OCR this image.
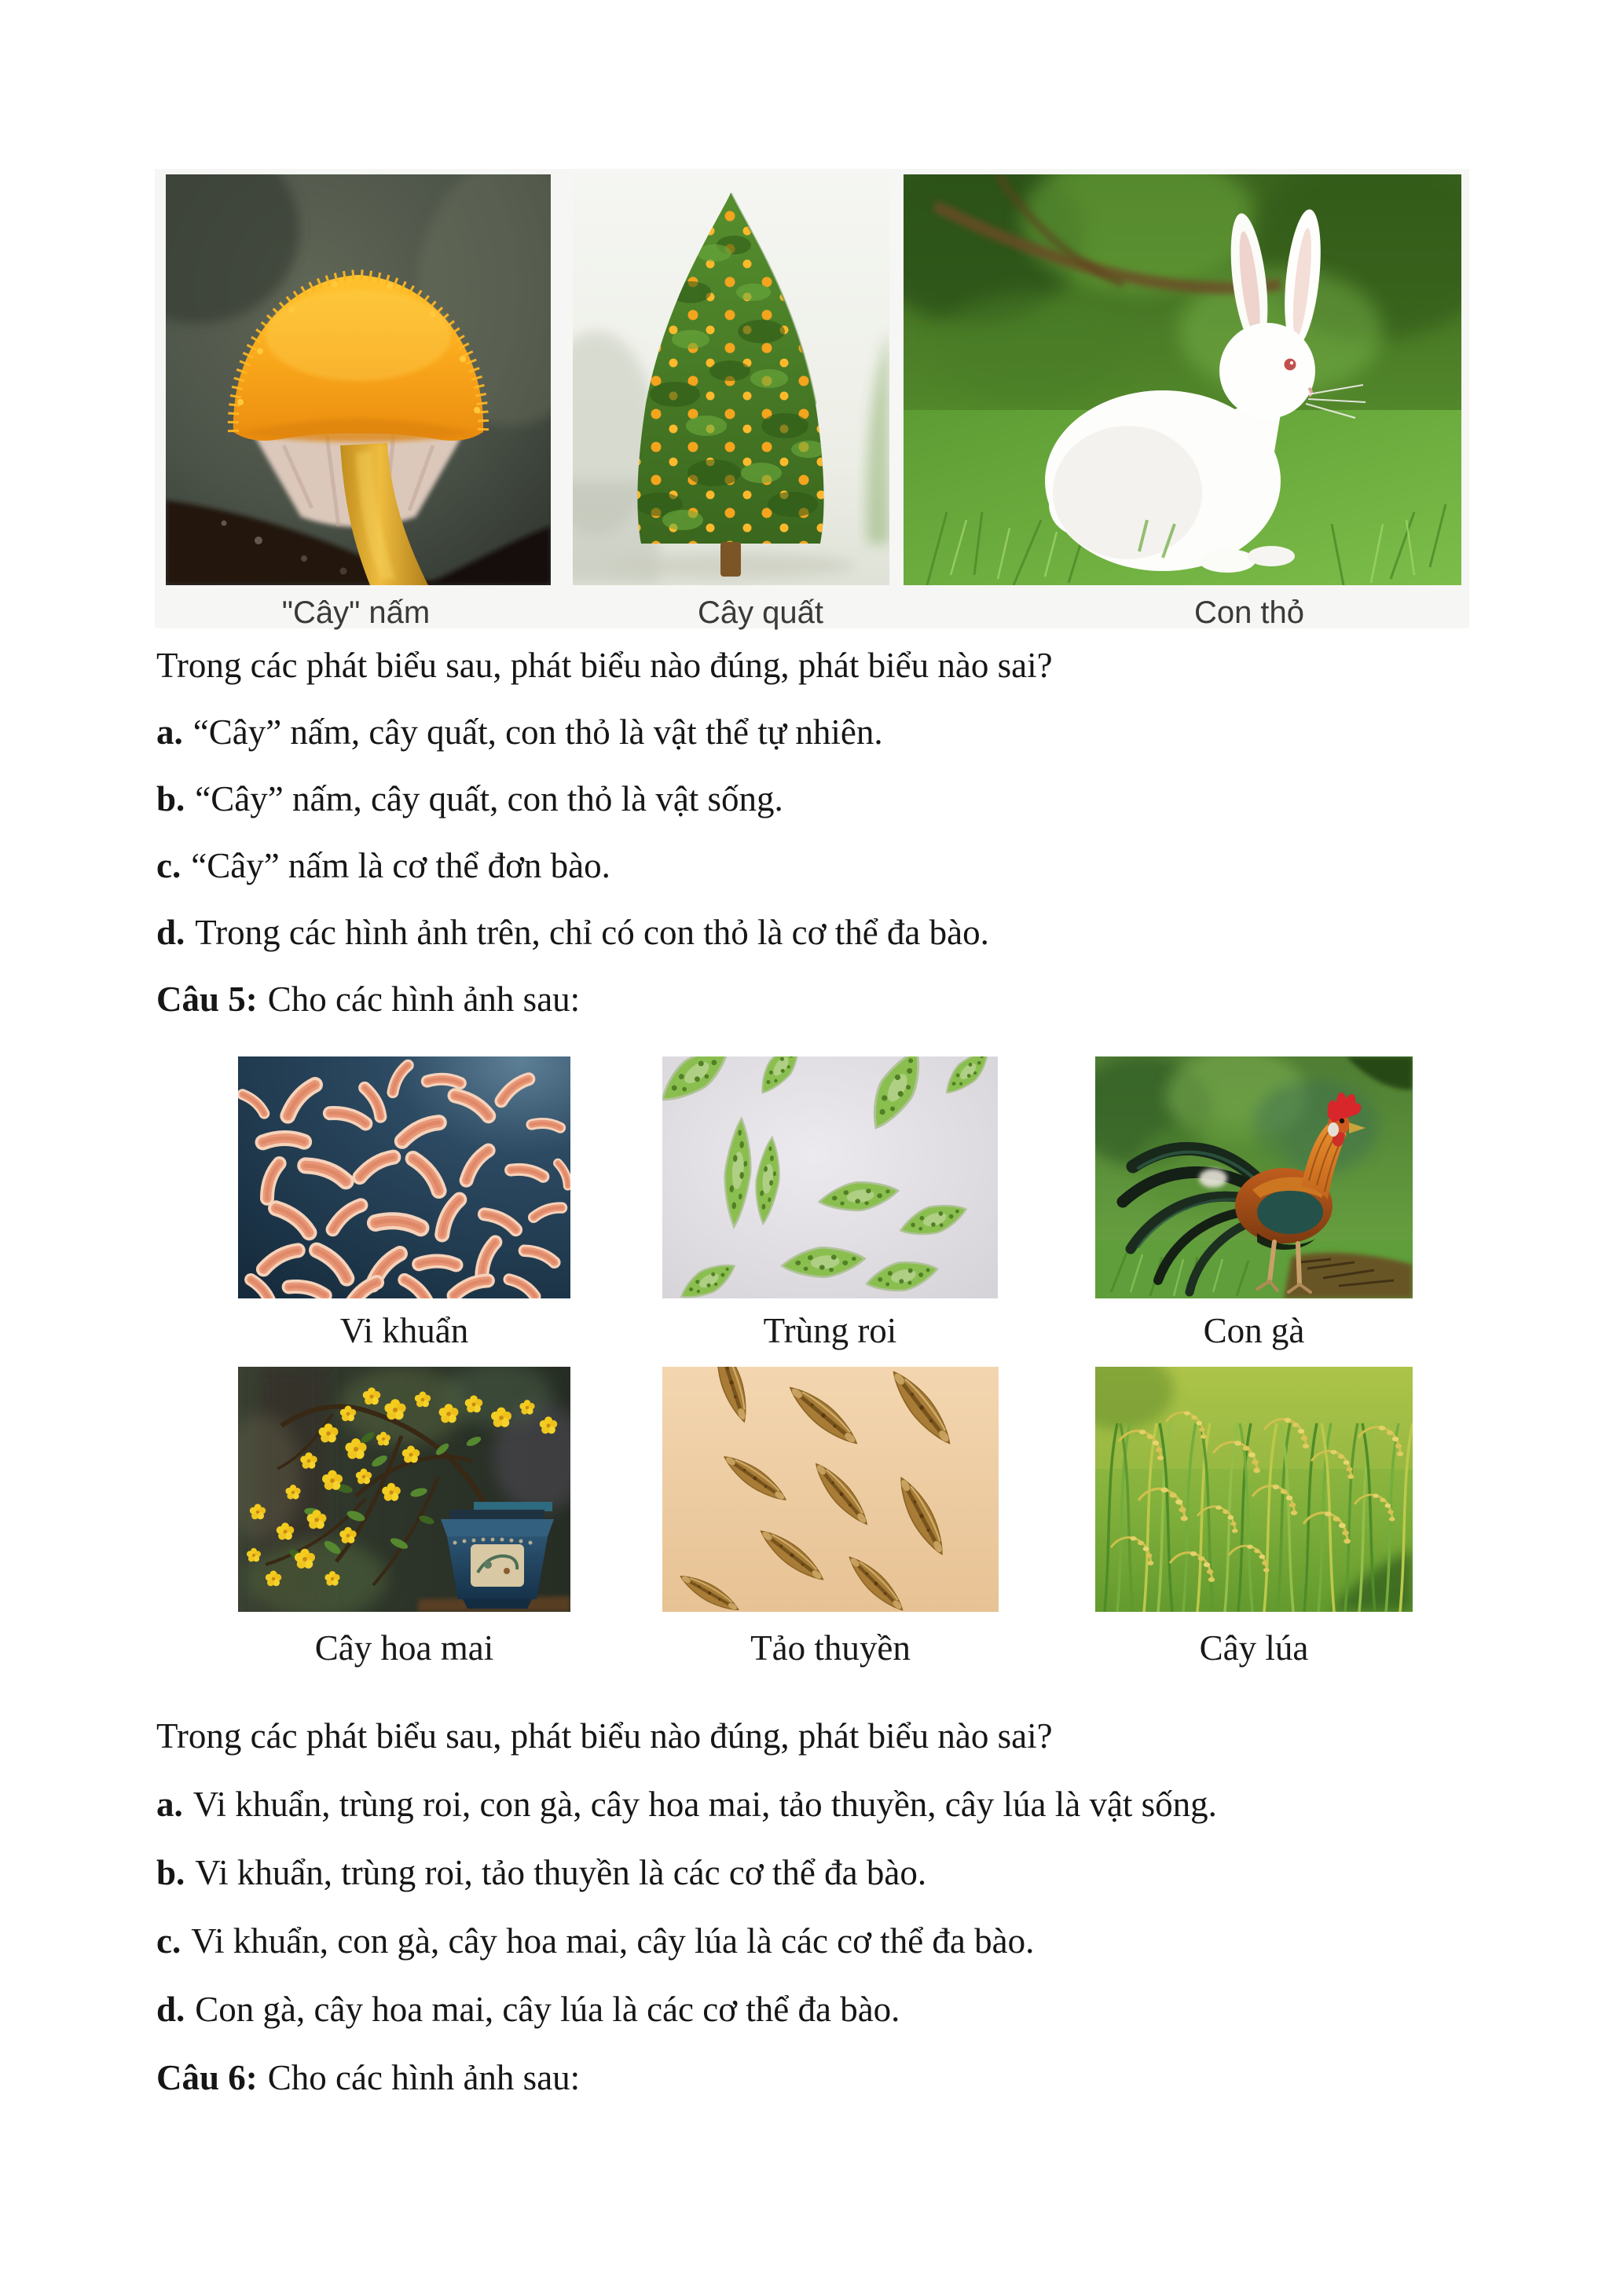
"Cây" nấm	Cây quất	Con thỏ
Trong các phát biểu sau, phát biểu nào đúng, phát biểu nào sai?
a. “Cây” nấm, cây quất, con thỏ là vật thể tự nhiên.
b. “Cây” nấm, cây quất, con thỏ là vật sống.
c. “Cây” nấm là cơ thể đơn bào.
d. Trong các hình ảnh trên, chỉ có con thỏ là cơ thể đa bào.
Câu 5: Cho các hình ảnh sau:
Vi khuẩn	Trùng roi	Con gà
Cây hoa mai	Tảo thuyền	Cây lúa
Trong các phát biểu sau, phát biểu nào đúng, phát biểu nào sai?
a. Vi khuẩn, trùng roi, con gà, cây hoa mai, tảo thuyền, cây lúa là vật sống.
b. Vi khuẩn, trùng roi, tảo thuyền là các cơ thể đa bào.
c. Vi khuẩn, con gà, cây hoa mai, cây lúa là các cơ thể đa bào.
d. Con gà, cây hoa mai, cây lúa là các cơ thể đa bào.
Câu 6: Cho các hình ảnh sau:
